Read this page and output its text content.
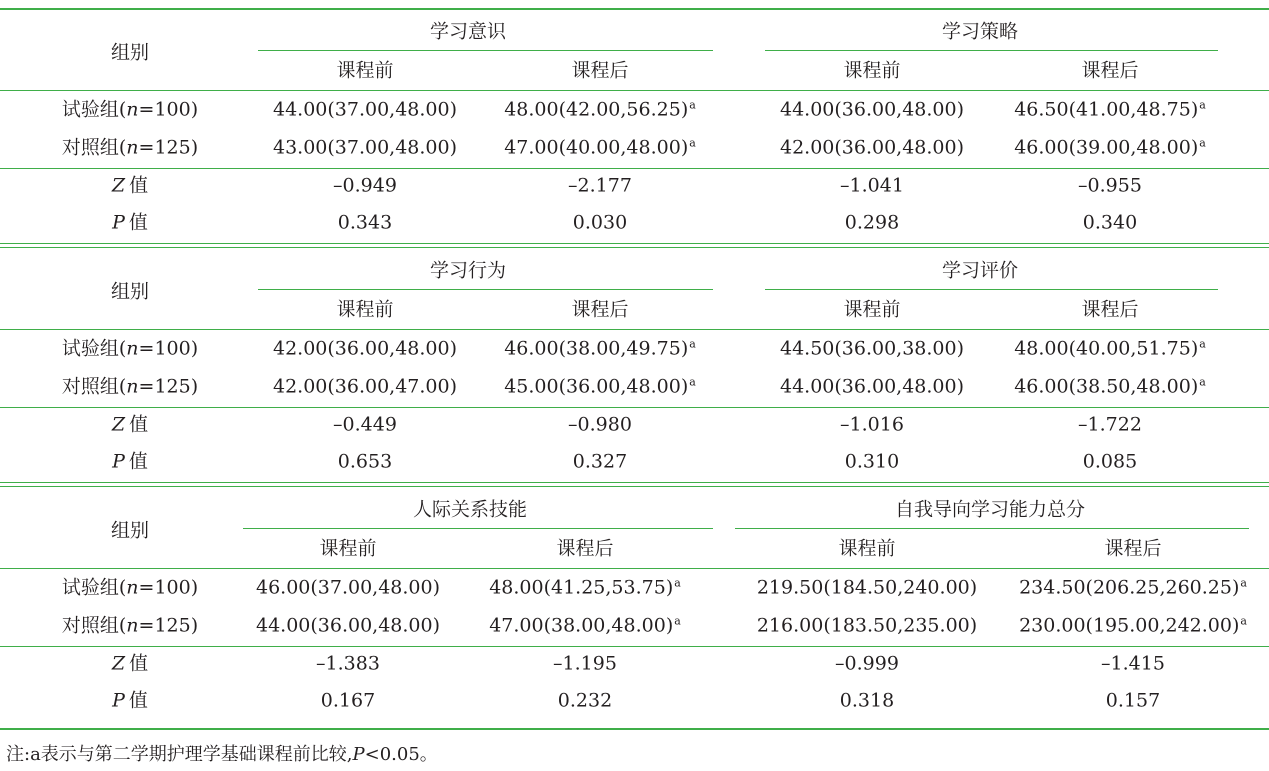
组别
学习意识	学习策略
课程前	课程后	课程前	课程后
试验组(n=100)	44.00(37.00,48.00) $48.00(42.00,56.25)^a$	44.00(36.00,48.00)	$46.50(41.00,48.75)^a$
对照组(n=125)	43.00(37.00,48.00) $47.00(40.00,48.00)^a$	42.00(36.00,48.00)	$46.00(39.00,48.00)^a$
Z 值	–0.949	–2.177	–1.041	–0.955
P 值	0.343	0.030	0.298	0.340
组别
学习行为	学习评价
课程前	课程后	课程前	课程后
试验组(n=100)	42.00(36.00,48.00) $46.00(38.00,49.75)^a$	44.50(36.00,38.00)	$48.00(40.00,51.75)^a$
对照组(n=125)	42.00(36.00,47.00) $45.00(36.00,48.00)^a$	44.00(36.00,48.00)	$46.00(38.50,48.00)^a$
Z 值	–0.449	–0.980	–1.016	–1.722
P 值	0.653	0.327	0.310	0.085
组别
人际关系技能	自我导向学习能力总分
课程前	课程后	课程前	课程后
试验组(n=100)	46.00(37.00,48.00)	$48.00(41.25,53.75)^a$	219.50(184.50,240.00) $234.50(206.25,260.25)^a$
对照组(n=125)	44.00(36.00,48.00)	$47.00(38.00,48.00)^a$	216.00(183.50,235.00) $230.00(195.00,242.00)^a$
Z 值	–1.383	–1.195	–0.999	–1.415
P 值	0.167	0.232	0.318	0.157
注:a表示与第二学期护理学基础课程前比较,P<0.05。
